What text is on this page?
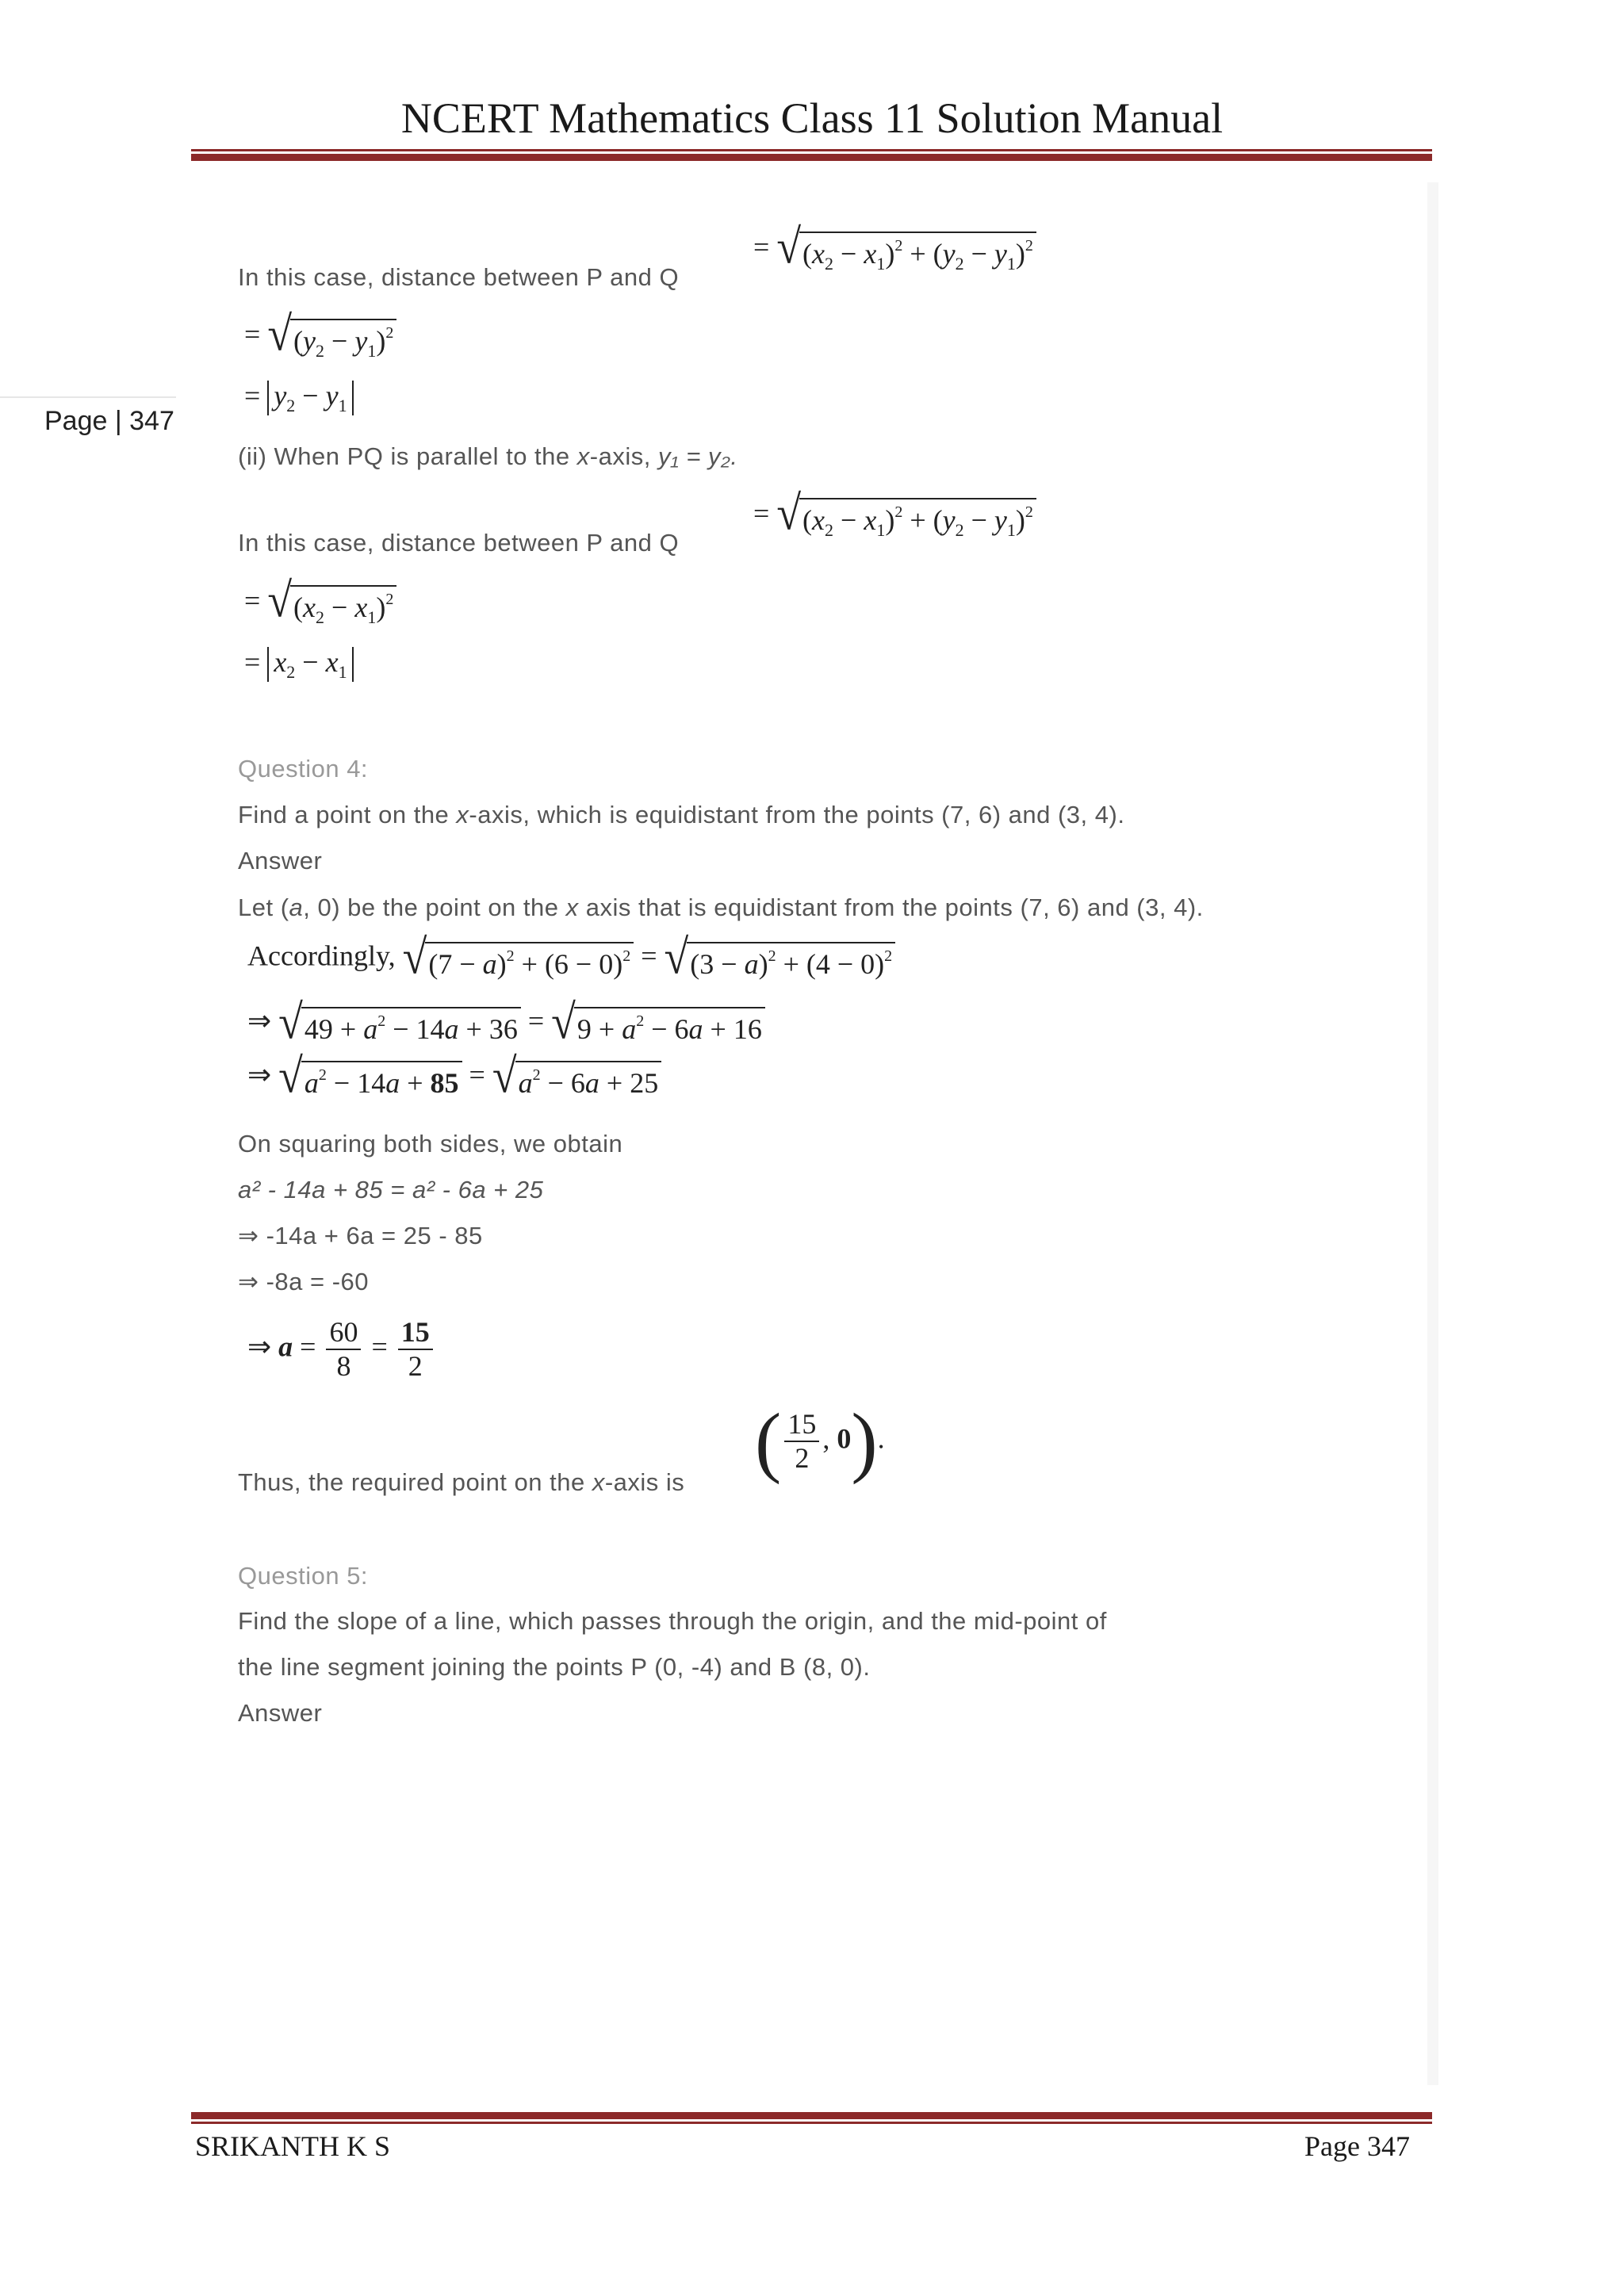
NCERT Mathematics Class 11 Solution Manual
Page | 347
In this case, distance between P and Q
= √ $(x_2 - x_1)^2 + (y_2 - y_1)^2$
= √ $(y_2 - y_1)^2$
= $y_2 - y_1$
(ii) When PQ is parallel to the x-axis, y₁ = y₂.
In this case, distance between P and Q
= √ $(x_2 - x_1)^2 + (y_2 - y_1)^2$
= √ $(x_2 - x_1)^2$
= $x_2 - x_1$
Question 4:
Find a point on the x-axis, which is equidistant from the points (7, 6) and (3, 4).
Answer
Let (a, 0) be the point on the x axis that is equidistant from the points (7, 6) and (3, 4).
Accordingly, √ $(7 - a)^2 + (6 - 0)^2$ = √ $(3 - a)^2 + (4 - 0)^2$
⇒ √ $49 + a^2 - 14a + 36$ = √ $9 + a^2 - 6a + 16$
⇒ √ $a^2 - 14a + 85$ = √ $a^2 - 6a + 25$
On squaring both sides, we obtain
a² - 14a + 85 = a² - 6a + 25
⇒ -14a + 6a = 25 - 85
⇒ -8a = -60
⇒ $a = \frac{60}{8} = \frac{15}{2}$
Thus, the required point on the x-axis is ( $\frac{15}{2}$ , 0).
Question 5:
Find the slope of a line, which passes through the origin, and the mid-point of
the line segment joining the points P (0, -4) and B (8, 0).
Answer
SRIKANTH K S	Page 347
